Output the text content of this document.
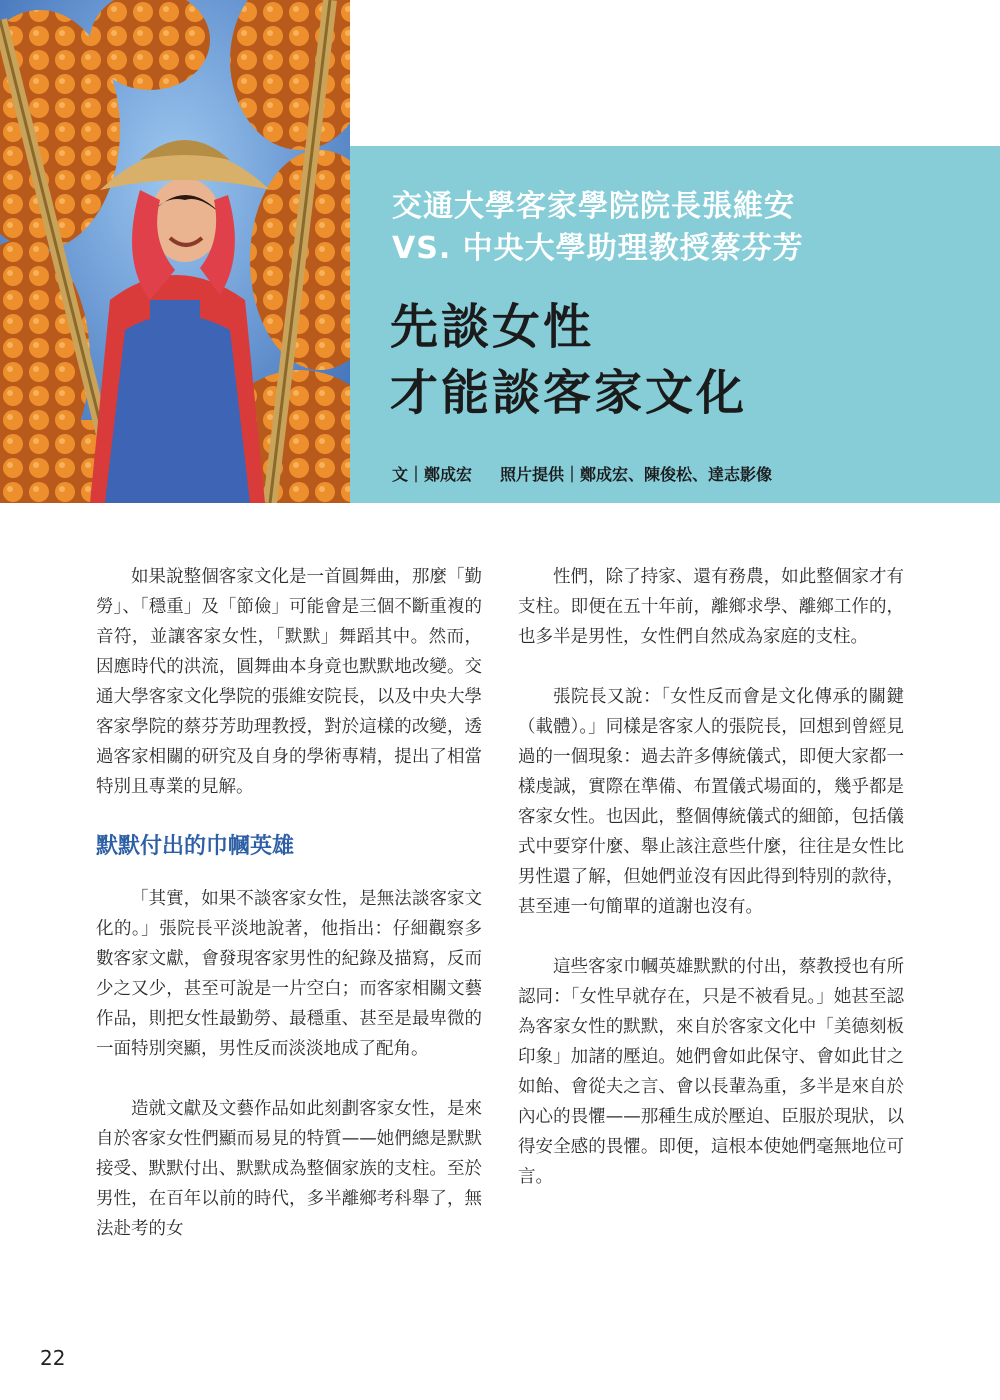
交通大學客家學院院長張維安
VS. 中央大學助理教授蔡芬芳
先談女性
才能談客家文化
文｜鄭成宏 照片提供｜鄭成宏、陳俊松、達志影像

如果說整個客家文化是一首圓舞曲，那麼「勤勞」、「穩重」及「節儉」可能會是三個不斷重複的音符，並讓客家女性，「默默」舞蹈其中。然而，因應時代的洪流，圓舞曲本身竟也默默地改變。交通大學客家文化學院的張維安院長，以及中央大學客家學院的蔡芬芳助理教授，對於這樣的改變，透過客家相關的研究及自身的學術專精，提出了相當特別且專業的見解。

默默付出的巾幗英雄

「其實，如果不談客家女性，是無法談客家文化的。」張院長平淡地說著，他指出：仔細觀察多數客家文獻，會發現客家男性的紀錄及描寫，反而少之又少，甚至可說是一片空白；而客家相關文藝作品，則把女性最勤勞、最穩重、甚至是最卑微的一面特別突顯，男性反而淡淡地成了配角。

造就文獻及文藝作品如此刻劃客家女性，是來自於客家女性們顯而易見的特質——她們總是默默接受、默默付出、默默成為整個家族的支柱。至於男性，在百年以前的時代，多半離鄉考科舉了，無法赴考的女

性們，除了持家、還有務農，如此整個家才有支柱。即便在五十年前，離鄉求學、離鄉工作的，也多半是男性，女性們自然成為家庭的支柱。

張院長又說：「女性反而會是文化傳承的關鍵（載體）。」同樣是客家人的張院長，回想到曾經見過的一個現象：過去許多傳統儀式，即便大家都一樣虔誠，實際在準備、布置儀式場面的，幾乎都是客家女性。也因此，整個傳統儀式的細節，包括儀式中要穿什麼、舉止該注意些什麼，往往是女性比男性還了解，但她們並沒有因此得到特別的款待，甚至連一句簡單的道謝也沒有。

這些客家巾幗英雄默默的付出，蔡教授也有所認同：「女性早就存在，只是不被看見。」她甚至認為客家女性的默默，來自於客家文化中「美德刻板印象」加諸的壓迫。她們會如此保守、會如此甘之如飴、會從夫之言、會以長輩為重，多半是來自於內心的畏懼——那種生成於壓迫、臣服於現狀，以得安全感的畏懼。即便，這根本使她們毫無地位可言。

22
